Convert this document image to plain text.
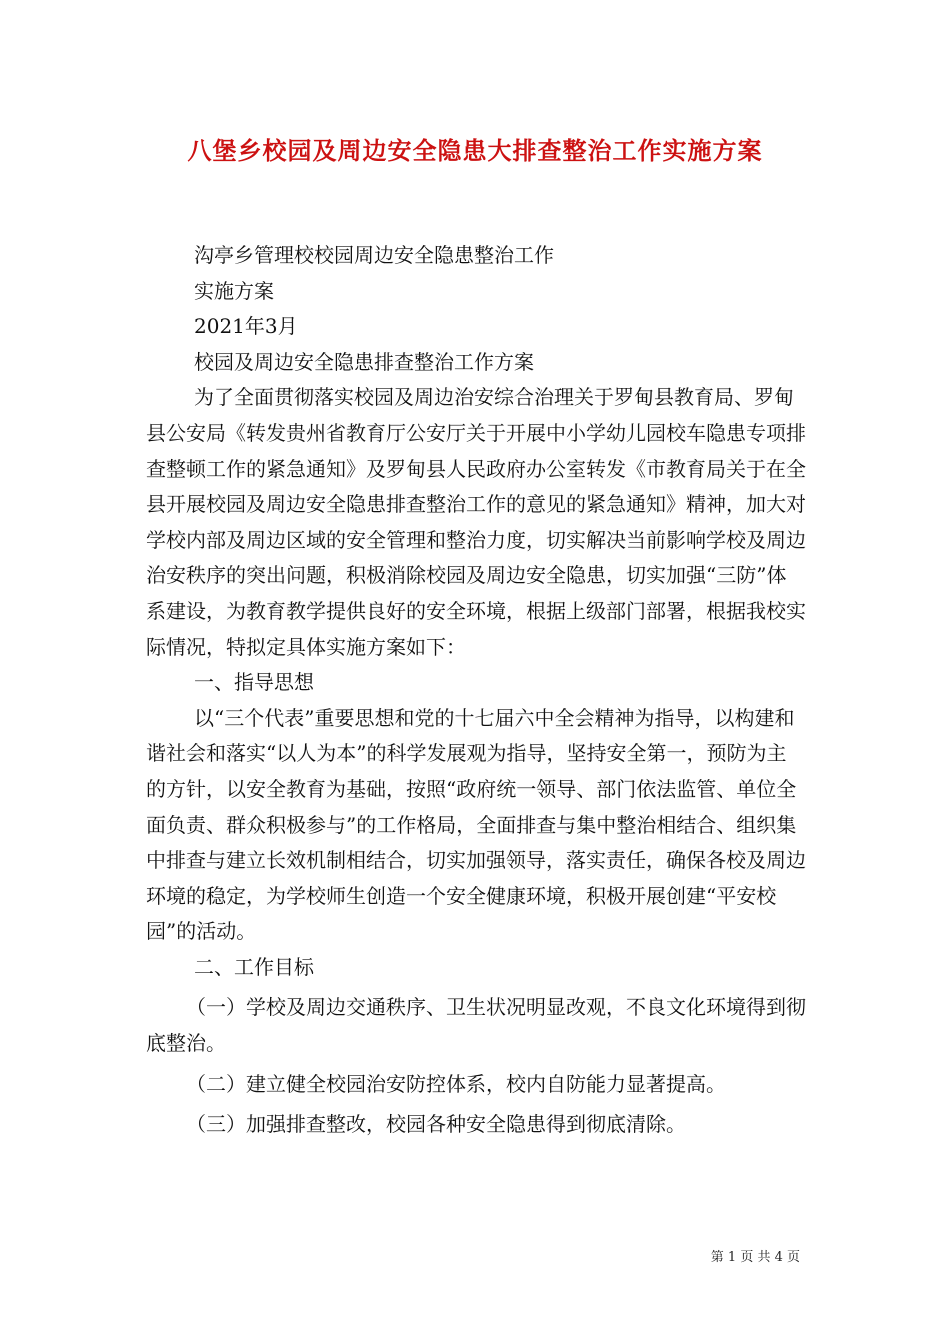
八堡乡校园及周边安全隐患大排查整治工作实施方案

沟亭乡管理校校园周边安全隐患整治工作

实施方案

2021年3月

校园及周边安全隐患排查整治工作方案

为了全面贯彻落实校园及周边治安综合治理关于罗甸县教育局、罗甸县公安局《转发贵州省教育厅公安厅关于开展中小学幼儿园校车隐患专项排查整顿工作的紧急通知》及罗甸县人民政府办公室转发《市教育局关于在全县开展校园及周边安全隐患排查整治工作的意见的紧急通知》精神，加大对学校内部及周边区域的安全管理和整治力度，切实解决当前影响学校及周边治安秩序的突出问题，积极消除校园及周边安全隐患，切实加强“三防”体系建设，为教育教学提供良好的安全环境，根据上级部门部署，根据我校实际情况，特拟定具体实施方案如下：

一、指导思想

以“三个代表”重要思想和党的十七届六中全会精神为指导，以构建和谐社会和落实“以人为本”的科学发展观为指导，坚持安全第一，预防为主的方针，以安全教育为基础，按照“政府统一领导、部门依法监管、单位全面负责、群众积极参与”的工作格局，全面排查与集中整治相结合、组织集中排查与建立长效机制相结合，切实加强领导，落实责任，确保各校及周边环境的稳定，为学校师生创造一个安全健康环境，积极开展创建“平安校园”的活动。

二、工作目标

（一）学校及周边交通秩序、卫生状况明显改观，不良文化环境得到彻底整治。

（二）建立健全校园治安防控体系，校内自防能力显著提高。

（三）加强排查整改，校园各种安全隐患得到彻底清除。

第 1 页 共 4 页
